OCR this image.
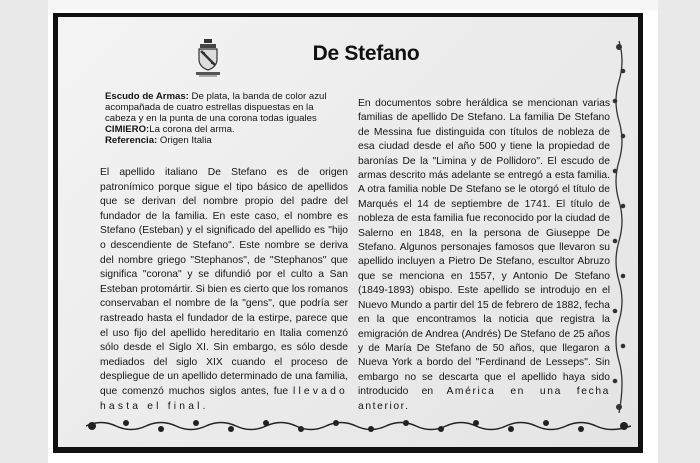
De Stefano
Escudo de Armas: De plata, la banda de color azul acompañada de cuatro estrellas dispuestas en la cabeza y en la punta de una corona todas iguales
CIMIERO:La corona del arma.
Referencia: Origen Italia
El apellido italiano De Stefano es de origen patronímico porque sigue el tipo básico de apellidos que se derivan del nombre propio del padre del fundador de la familia. En este caso, el nombre es Stefano (Esteban) y el significado del apellido es "hijo o descendiente de Stefano". Este nombre se deriva del nombre griego "Stephanos", de "Stephanos" que significa "corona" y se difundió por el culto a San Esteban protomártir. Si bien es cierto que los romanos conservaban el nombre de la "gens", que podría ser rastreado hasta el fundador de la estirpe, parece que el uso fijo del apellido hereditario en Italia comenzó sólo desde el Siglo XI. Sin embargo, es sólo desde mediados del siglo XIX cuando el proceso de despliegue de un apellido determinado de una familia, que comenzó muchos siglos antes, fue llevado hasta el final.
En documentos sobre heráldica se mencionan varias familias de apellido De Stefano. La familia De Stefano de Messina fue distinguida con títulos de nobleza de esa ciudad desde el año 500 y tiene la propiedad de baronías De la "Limina y de Pollidoro". El escudo de armas descrito más adelante se entregó a esta familia. A otra familia noble De Stefano se le otorgó el título de Marqués el 14 de septiembre de 1741. El título de nobleza de esta familia fue reconocido por la ciudad de Salerno en 1848, en la persona de Giuseppe De Stefano. Algunos personajes famosos que llevaron su apellido incluyen a Pietro De Stefano, escultor Abruzo que se menciona en 1557, y Antonio De Stefano (1849-1893) obispo. Este apellido se introdujo en el Nuevo Mundo a partir del 15 de febrero de 1882, fecha en la que encontramos la noticia que registra la emigración de Andrea (Andrés) De Stefano de 25 años y de María De Stefano de 50 años, que llegaron a Nueva York a bordo del "Ferdinand de Lesseps". Sin embargo no se descarta que el apellido haya sido introducido en América en una fecha anterior.
